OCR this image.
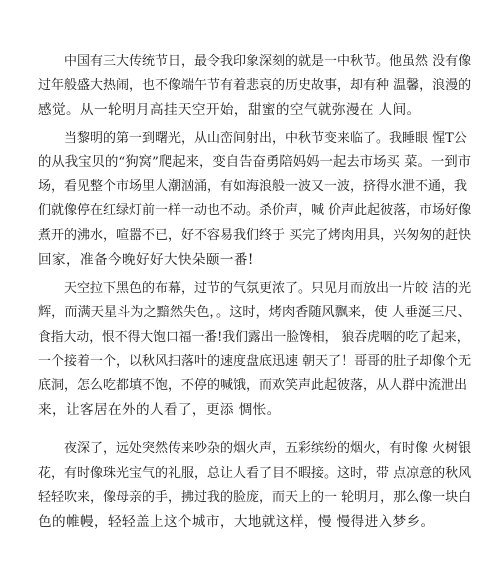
　　中国有三大传统节日，最令我印象深刻的就是一中秋节。他虽然 没有像
过年般盛大热闹，也不像端午节有着悲哀的历史故事，却有种 温馨，浪漫的
感觉。从一轮明月高挂天空开始，甜蜜的空气就弥漫在 人间。
　　当黎明的第一到曙光，从山峦间射出，中秋节变来临了。我睡眼 惺T公
的从我宝贝的“狗窝”爬起来，变自告奋勇陪妈妈一起去市场买 菜。一到市
场，看见整个市场里人潮汹涌，有如海浪般一波又一波，挤得水泄不通，我
们就像停在红绿灯前一样一动也不动。杀价声，喊 价声此起彼落，市场好像
煮开的沸水，喧嚣不已，好不容易我们终于 买完了烤肉用具，兴匆匆的赶快
回家，准备今晚好好大快朵颐一番!
　　天空拉下黑色的布幕，过节的气氛更浓了。只见月而放出一片皎 洁的光
辉，而满天星斗为之黯然失色，。这时，烤肉香随风飘来，使 人垂涎三尺、
食指大动，恨不得大饱口福一番!我们露出一脸馋相， 狼吞虎咽的吃了起来，
一个接着一个，以秋风扫落叶的速度盘底迅速 朝天了！哥哥的肚子却像个无
底洞，怎么吃都填不饱，不停的喊饿，而欢笑声此起彼落，从人群中流泄出
来，让客居在外的人看了，更添 惆怅。
　　夜深了，远处突然传来吵杂的烟火声，五彩缤纷的烟火，有时像 火树银
花，有时像珠光宝气的礼服，总让人看了目不暇接。这时，带 点凉意的秋风
轻轻吹来，像母亲的手，拂过我的脸庞，而天上的一 轮明月，那么像一块白
色的帷幔，轻轻盖上这个城市，大地就这样，慢 慢得进入梦乡。
